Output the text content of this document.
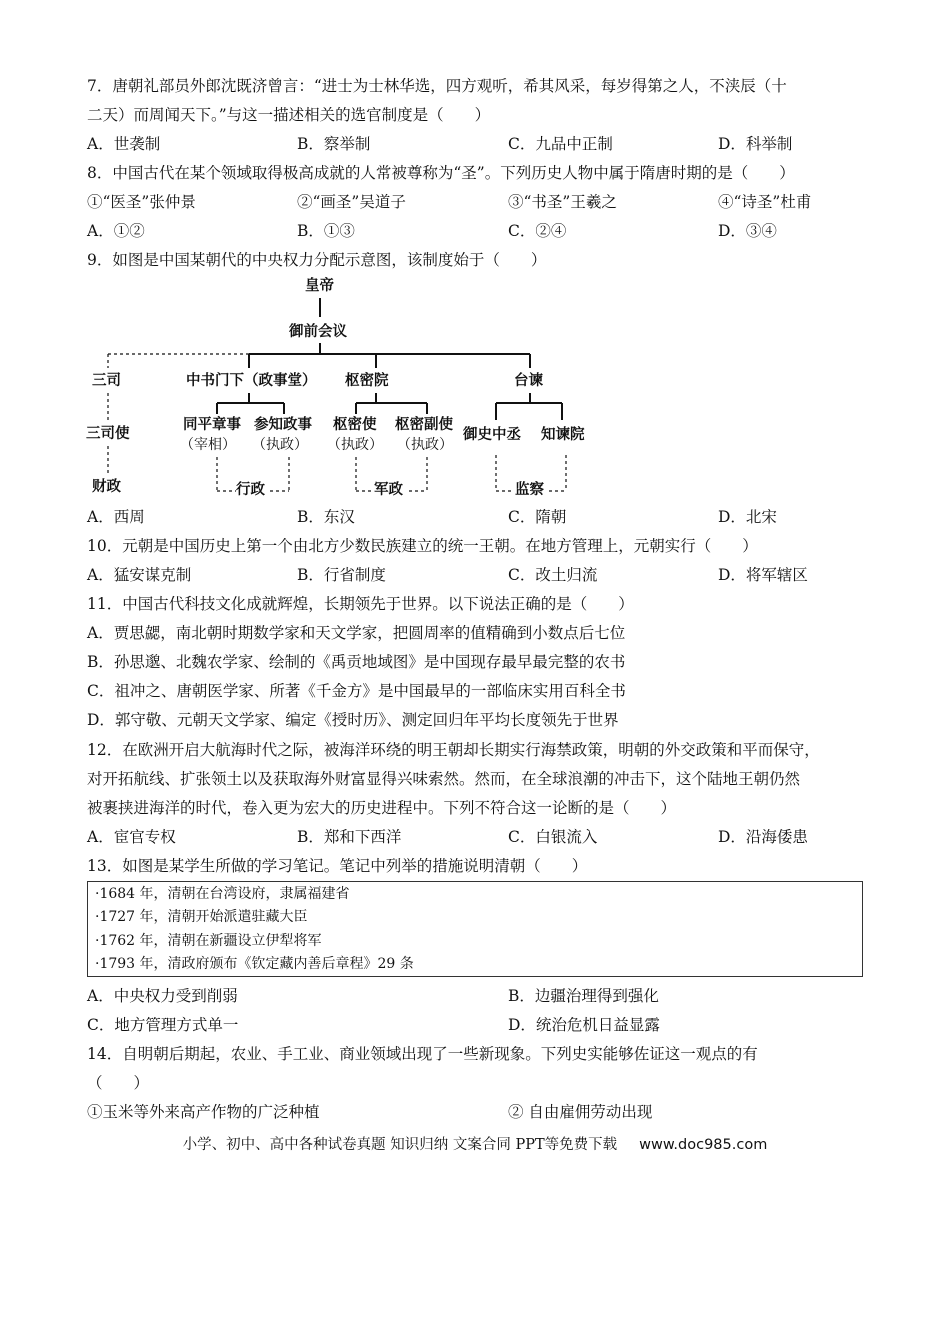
7．唐朝礼部员外郎沈既济曾言：“进士为士林华选，四方观听，希其风采，每岁得第之人，不浃辰（十
二天）而周闻天下。”与这一描述相关的选官制度是（　　）
A．世袭制	B．察举制	C．九品中正制	D．科举制
8．中国古代在某个领域取得极高成就的人常被尊称为“圣”。下列历史人物中属于隋唐时期的是（　　）
①“医圣”张仲景	②“画圣”吴道子	③“书圣”王羲之	④“诗圣”杜甫
A．①②	B．①③	C．②④	D．③④
9．如图是中国某朝代的中央权力分配示意图，该制度始于（　　）
皇帝
御前会议
三司
三司使
财政
中书门下（政事堂）
同平章事
（宰相）
参知政事
（执政）
行政
枢密院
枢密使
（执政）
枢密副使
（执政）
军政
台谏
御史中丞 知谏院
监察
A．西周	B．东汉	C．隋朝	D．北宋
10．元朝是中国历史上第一个由北方少数民族建立的统一王朝。在地方管理上，元朝实行（　　）
A．猛安谋克制	B．行省制度	C．改土归流	D．将军辖区
11．中国古代科技文化成就辉煌，长期领先于世界。以下说法正确的是（　　）
A．贾思勰，南北朝时期数学家和天文学家，把圆周率的值精确到小数点后七位
B．孙思邈、北魏农学家、绘制的《禹贡地域图》是中国现存最早最完整的农书
C．祖冲之、唐朝医学家、所著《千金方》是中国最早的一部临床实用百科全书
D．郭守敬、元朝天文学家、编定《授时历》、测定回归年平均长度领先于世界
12．在欧洲开启大航海时代之际，被海洋环绕的明王朝却长期实行海禁政策，明朝的外交政策和平而保守，
对开拓航线、扩张领土以及获取海外财富显得兴味索然。然而，在全球浪潮的冲击下，这个陆地王朝仍然
被裹挟进海洋的时代，卷入更为宏大的历史进程中。下列不符合这一论断的是（　　）
A．宦官专权	B．郑和下西洋	C．白银流入	D．沿海倭患
13．如图是某学生所做的学习笔记。笔记中列举的措施说明清朝（　　）
·1684 年，清朝在台湾设府，隶属福建省
·1727 年，清朝开始派遣驻藏大臣
·1762 年，清朝在新疆设立伊犁将军
·1793 年，清政府颁布《钦定藏内善后章程》29 条
A．中央权力受到削弱	B．边疆治理得到强化
C．地方管理方式单一	D．统治危机日益显露
14．自明朝后期起，农业、手工业、商业领域出现了一些新现象。下列史实能够佐证这一观点的有
（　　）
①玉米等外来高产作物的广泛种植	② 自由雇佣劳动出现
小学、初中、高中各种试卷真题 知识归纳 文案合同 PPT等免费下载 www.doc985.com
